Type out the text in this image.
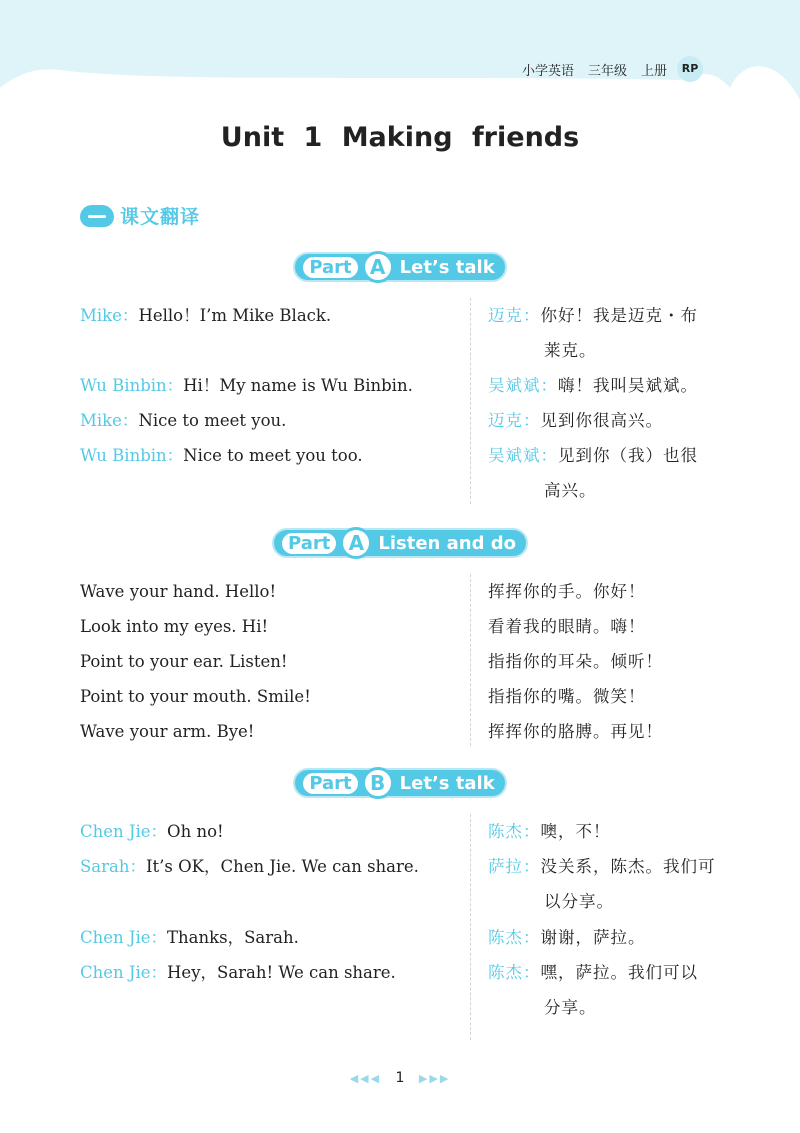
小学英语 三年级 上册	RP
Unit 1 Making friends
课文翻译
Part A Let’s talk
Mike：Hello！I’m Mike Black.	迈克：你好！我是迈克・布
莱克。
Wu Binbin：Hi！My name is Wu Binbin.	吴斌斌：嗨！我叫吴斌斌。
Mike：Nice to meet you.	迈克：见到你很高兴。
Wu Binbin：Nice to meet you too.	吴斌斌：见到你（我）也很
高兴。
Part A Listen and do
Wave your hand. Hello!	挥挥你的手。你好！
Look into my eyes. Hi!	看着我的眼睛。嗨！
Point to your ear. Listen!	指指你的耳朵。倾听！
Point to your mouth. Smile!	指指你的嘴。微笑！
Wave your arm. Bye!	挥挥你的胳膊。再见！
Part B Let’s talk
Chen Jie：Oh no!	陈杰：噢，不！
Sarah：It’s OK，Chen Jie. We can share.	萨拉：没关系，陈杰。我们可
以分享。
Chen Jie：Thanks，Sarah.	陈杰：谢谢，萨拉。
Chen Jie：Hey，Sarah! We can share.	陈杰：嘿，萨拉。我们可以
分享。
◀◀◀ 1 ▶▶▶
